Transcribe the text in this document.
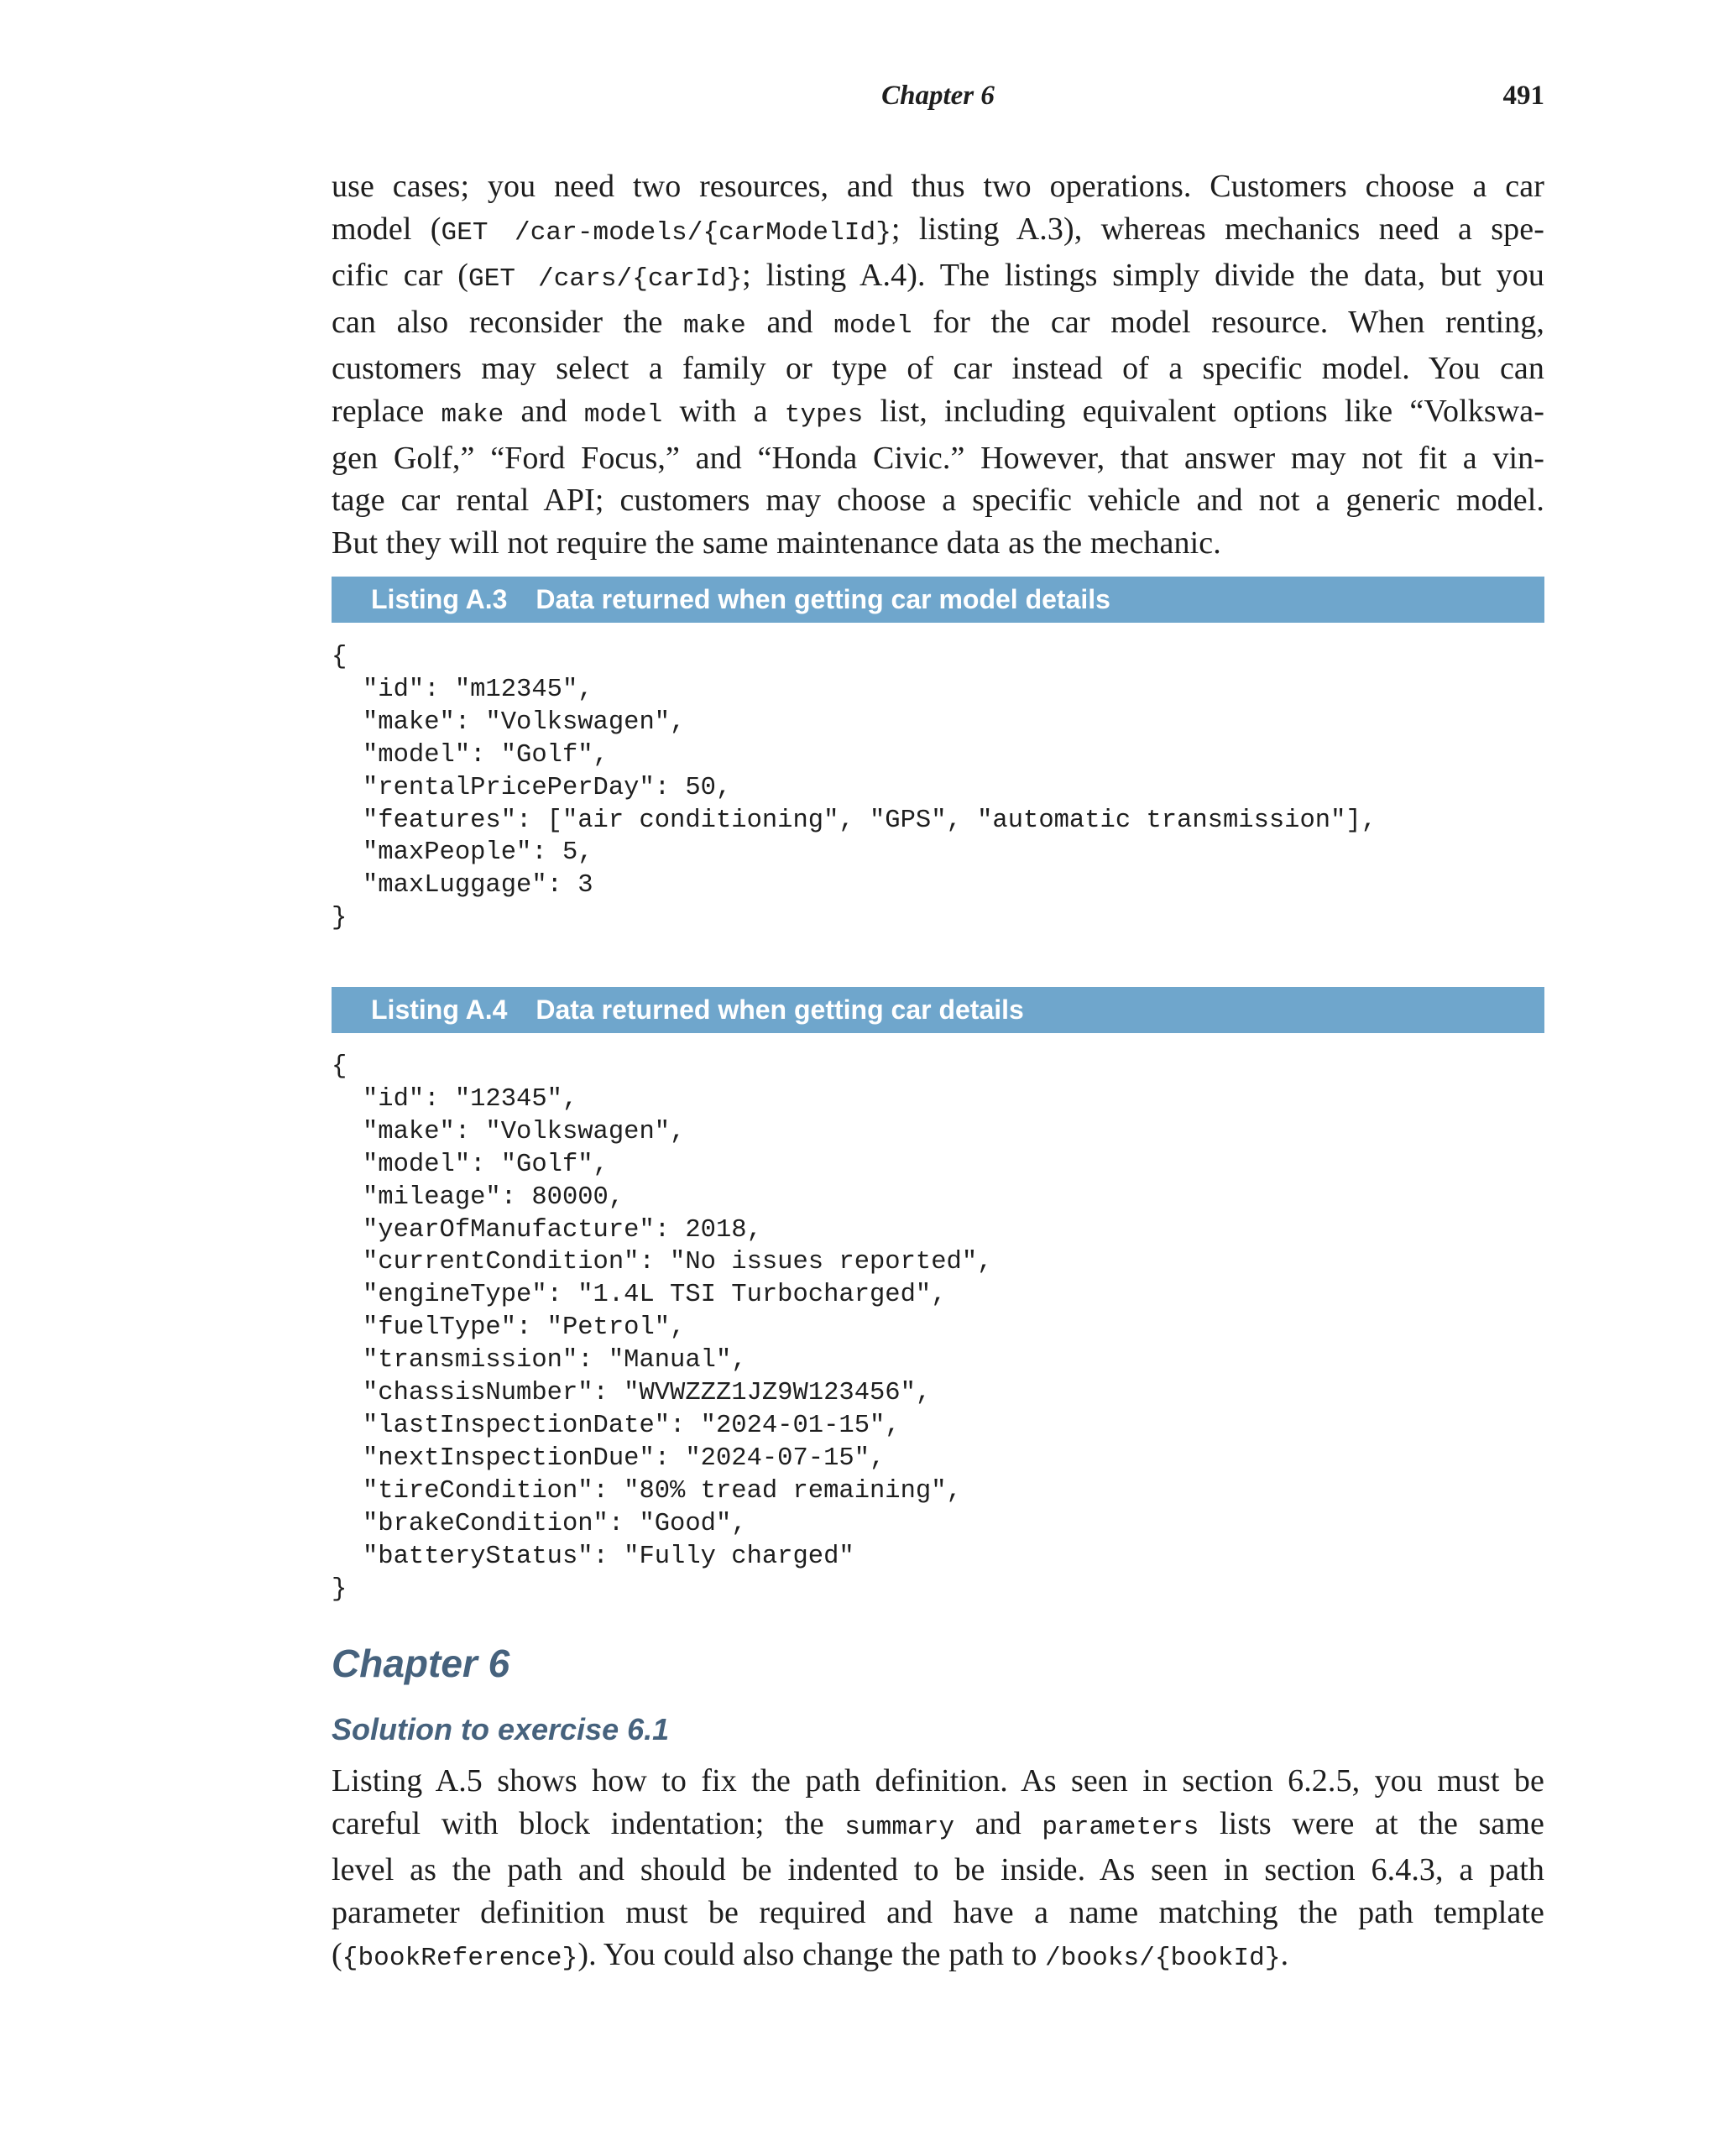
Chapter 6	491
use cases; you need two resources, and thus two operations. Customers choose a car
model (GET /car-models/{carModelId}; listing A.3), whereas mechanics need a spe-
cific car (GET /cars/{carId}; listing A.4). The listings simply divide the data, but you
can also reconsider the make and model for the car model resource. When renting,
customers may select a family or type of car instead of a specific model. You can
replace make and model with a types list, including equivalent options like “Volkswa-
gen Golf,” “Ford Focus,” and “Honda Civic.” However, that answer may not fit a vin-
tage car rental API; customers may choose a specific vehicle and not a generic model.
But they will not require the same maintenance data as the mechanic.
Listing A.3 Data returned when getting car model details
{
"id": "m12345",
"make": "Volkswagen",
"model": "Golf",
"rentalPricePerDay": 50,
"features": ["air conditioning", "GPS", "automatic transmission"],
"maxPeople": 5,
"maxLuggage": 3
}
Listing A.4 Data returned when getting car details
{
"id": "12345",
"make": "Volkswagen",
"model": "Golf",
"mileage": 80000,
"yearOfManufacture": 2018,
"currentCondition": "No issues reported",
"engineType": "1.4L TSI Turbocharged",
"fuelType": "Petrol",
"transmission": "Manual",
"chassisNumber": "WVWZZZ1JZ9W123456",
"lastInspectionDate": "2024-01-15",
"nextInspectionDue": "2024-07-15",
"tireCondition": "80% tread remaining",
"brakeCondition": "Good",
"batteryStatus": "Fully charged"
}
Chapter 6
Solution to exercise 6.1
Listing A.5 shows how to fix the path definition. As seen in section 6.2.5, you must be
careful with block indentation; the summary and parameters lists were at the same
level as the path and should be indented to be inside. As seen in section 6.4.3, a path
parameter definition must be required and have a name matching the path template
({bookReference}). You could also change the path to /books/{bookId}.
